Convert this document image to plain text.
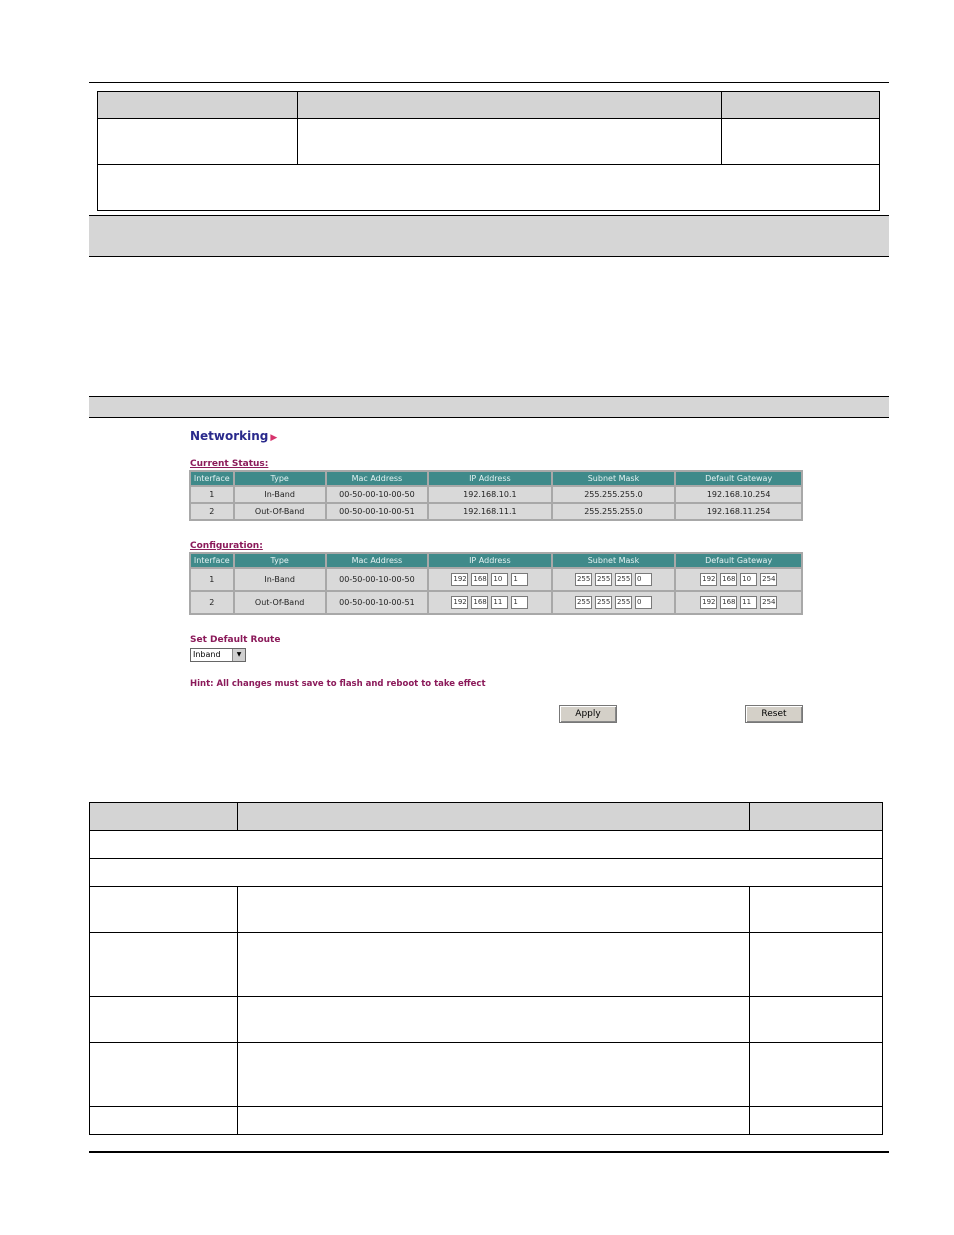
Networking ▶
Current Status:
Interface	Type	Mac Address	IP Address	Subnet Mask	Default Gateway
1	In-Band	00-50-00-10-00-50	192.168.10.1	255.255.255.0	192.168.10.254
2	Out-Of-Band	00-50-00-10-00-51	192.168.11.1	255.255.255.0	192.168.11.254
Configuration:
Interface	Type	Mac Address	IP Address	Subnet Mask	Default Gateway
1	In-Band	00-50-00-10-00-50	192 168 10 1	255 255 255 0	192 168 10 254

2	Out-Of-Band	00-50-00-10-00-51	192 168 11 1	255 255 255 0	192 168 11 254
Set Default Route
Inband	▼
Hint: All changes must save to flash and reboot to take effect
Apply	Reset
